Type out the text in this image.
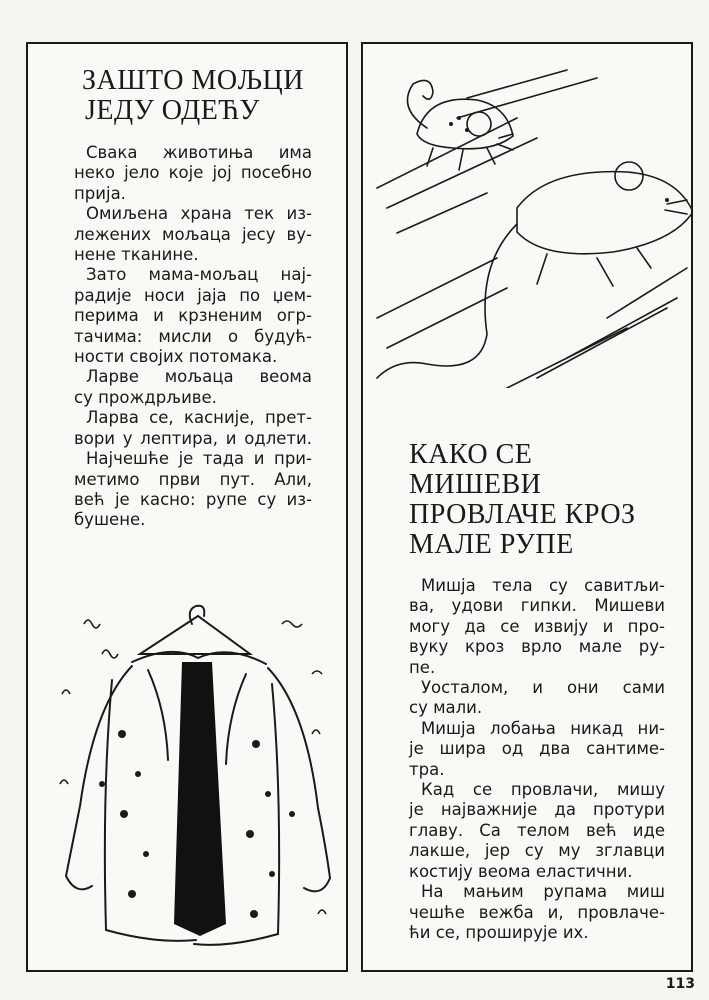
ЗАШТО МОЉЦИ
ЈЕДУ ОДЕЋУ
Свака животиња има
неко јело које јој посебно
прија.
Омиљена храна тек из-
лежених мољаца јесу ву-
нене тканине.
Зато мама-мољац нај-
радије носи јаја по џем-
перима и крзненим огр-
тачима: мисли о будућ-
ности својих потомака.
Ларве мољаца веома
су прождрљиве.
Ларва се, касније, прет-
вори у лептира, и одлети.
Најчешће је тада и при-
метимо први пут. Али,
већ је касно: рупе су из-
бушене.
КАКО СЕ
МИШЕВИ
ПРОВЛАЧЕ КРОЗ
МАЛЕ РУПЕ
Мишја тела су савитљи-
ва, удови гипки. Мишеви
могу да се извију и про-
вуку кроз врло мале ру-
пе.
Уосталом, и они сами
су мали.
Мишја лобања никад ни-
је шира од два сантиме-
тра.
Кад се провлачи, мишу
је најважније да протури
главу. Са телом већ иде
лакше, јер су му зглавци
костију веома еластични.
На мањим рупама миш
чешће вежба и, провлаче-
ћи се, проширује их.
113
